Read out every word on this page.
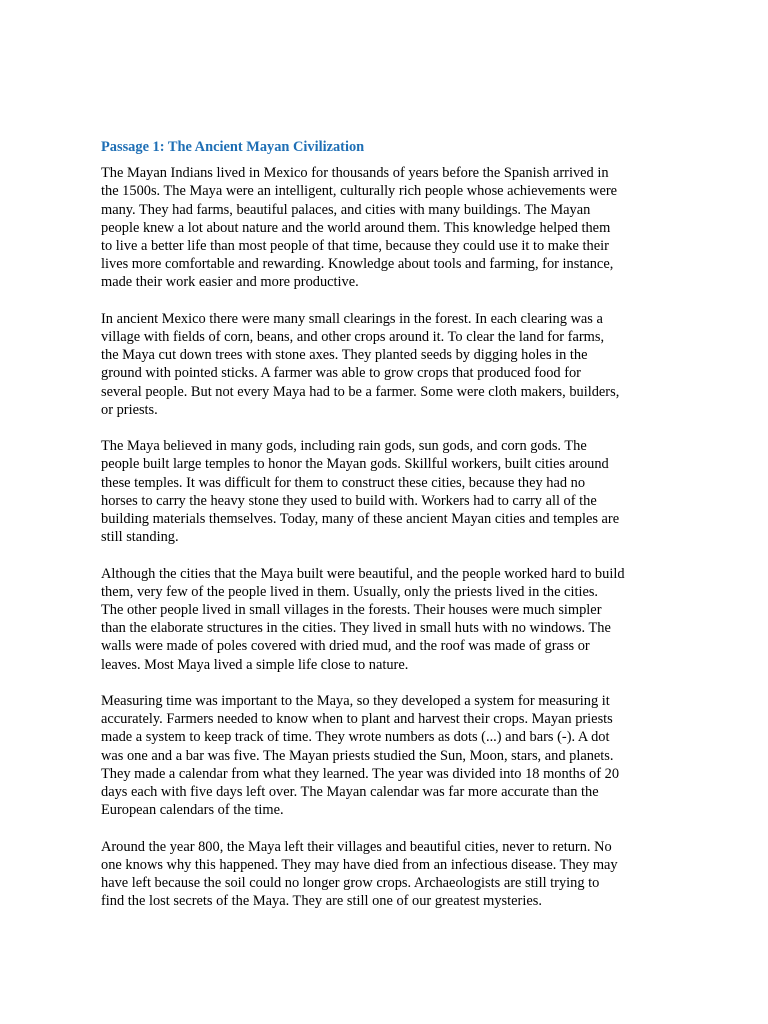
Passage 1: The Ancient Mayan Civilization

The Mayan Indians lived in Mexico for thousands of years before the Spanish arrived in
the 1500s. The Maya were an intelligent, culturally rich people whose achievements were
many. They had farms, beautiful palaces, and cities with many buildings. The Mayan
people knew a lot about nature and the world around them. This knowledge helped them
to live a better life than most people of that time, because they could use it to make their
lives more comfortable and rewarding. Knowledge about tools and farming, for instance,
made their work easier and more productive.

In ancient Mexico there were many small clearings in the forest. In each clearing was a
village with fields of corn, beans, and other crops around it. To clear the land for farms,
the Maya cut down trees with stone axes. They planted seeds by digging holes in the
ground with pointed sticks. A farmer was able to grow crops that produced food for
several people. But not every Maya had to be a farmer. Some were cloth makers, builders,
or priests.

The Maya believed in many gods, including rain gods, sun gods, and corn gods. The
people built large temples to honor the Mayan gods. Skillful workers, built cities around
these temples. It was difficult for them to construct these cities, because they had no
horses to carry the heavy stone they used to build with. Workers had to carry all of the
building materials themselves. Today, many of these ancient Mayan cities and temples are
still standing.

Although the cities that the Maya built were beautiful, and the people worked hard to build
them, very few of the people lived in them. Usually, only the priests lived in the cities.
The other people lived in small villages in the forests. Their houses were much simpler
than the elaborate structures in the cities. They lived in small huts with no windows. The
walls were made of poles covered with dried mud, and the roof was made of grass or
leaves. Most Maya lived a simple life close to nature.

Measuring time was important to the Maya, so they developed a system for measuring it
accurately. Farmers needed to know when to plant and harvest their crops. Mayan priests
made a system to keep track of time. They wrote numbers as dots (...) and bars (-). A dot
was one and a bar was five. The Mayan priests studied the Sun, Moon, stars, and planets.
They made a calendar from what they learned. The year was divided into 18 months of 20
days each with five days left over. The Mayan calendar was far more accurate than the
European calendars of the time.

Around the year 800, the Maya left their villages and beautiful cities, never to return. No
one knows why this happened. They may have died from an infectious disease. They may
have left because the soil could no longer grow crops. Archaeologists are still trying to
find the lost secrets of the Maya. They are still one of our greatest mysteries.
